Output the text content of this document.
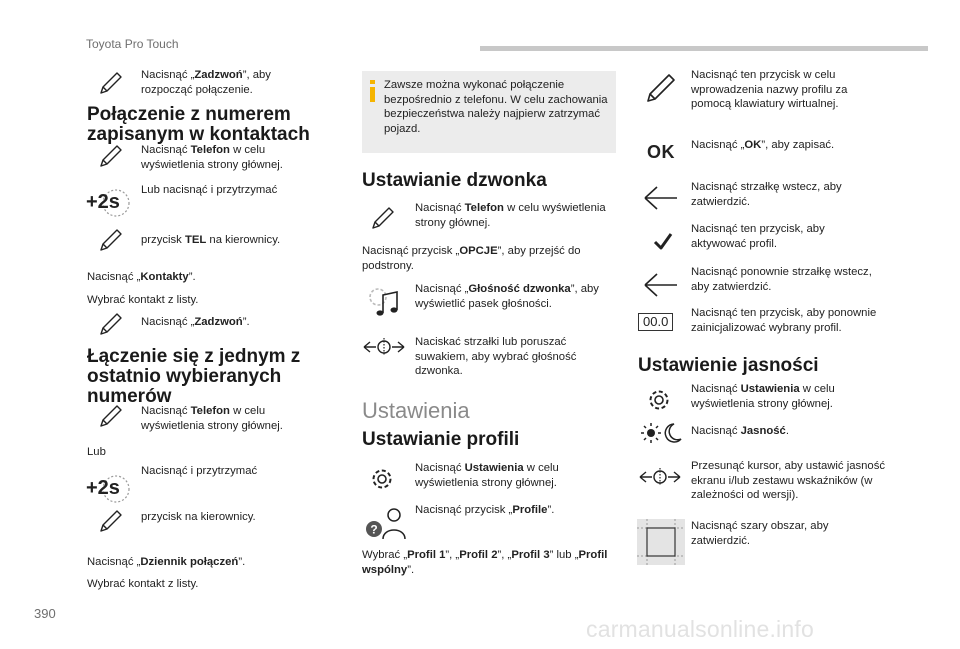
Toyota Pro Touch
Nacisnąć „Zadzwoń”, aby rozpocząć połączenie.
Połączenie z numerem zapisanym w kontaktach
Nacisnąć Telefon w celu wyświetlenia strony głównej.
+2s
Lub nacisnąć i przytrzymać
przycisk TEL na kierownicy.
Nacisnąć „Kontakty”.
Wybrać kontakt z listy.
Nacisnąć „Zadzwoń”.
Łączenie się z jednym z ostatnio wybieranych numerów
Nacisnąć Telefon w celu wyświetlenia strony głównej.
Lub
+2s
Nacisnąć i przytrzymać
przycisk na kierownicy.
Nacisnąć „Dziennik połączeń”.
Wybrać kontakt z listy.
Zawsze można wykonać połączenie bezpośrednio z telefonu. W celu zachowania bezpieczeństwa należy najpierw zatrzymać pojazd.
Ustawianie dzwonka
Nacisnąć Telefon w celu wyświetlenia strony głównej.
Nacisnąć przycisk „OPCJE”, aby przejść do podstrony.
Nacisnąć „Głośność dzwonka”, aby wyświetlić pasek głośności.
Naciskać strzałki lub poruszać suwakiem, aby wybrać głośność dzwonka.
Ustawienia
Ustawianie profili
Nacisnąć Ustawienia w celu wyświetlenia strony głównej.
?
Nacisnąć przycisk „Profile”.
Wybrać „Profil 1”, „Profil 2”, „Profil 3” lub „Profil wspólny”.
Nacisnąć ten przycisk w celu wprowadzenia nazwy profilu za pomocą klawiatury wirtualnej.
OK Nacisnąć „OK”, aby zapisać.
Nacisnąć strzałkę wstecz, aby zatwierdzić.
Nacisnąć ten przycisk, aby aktywować profil.
Nacisnąć ponownie strzałkę wstecz, aby zatwierdzić.
00.0
Nacisnąć ten przycisk, aby ponownie zainicjalizować wybrany profil.
Ustawienie jasności
Nacisnąć Ustawienia w celu wyświetlenia strony głównej.
Nacisnąć Jasność.
Przesunąć kursor, aby ustawić jasność ekranu i/lub zestawu wskaźników (w zależności od wersji).
Nacisnąć szary obszar, aby zatwierdzić.
390
carmanualsonline.info
